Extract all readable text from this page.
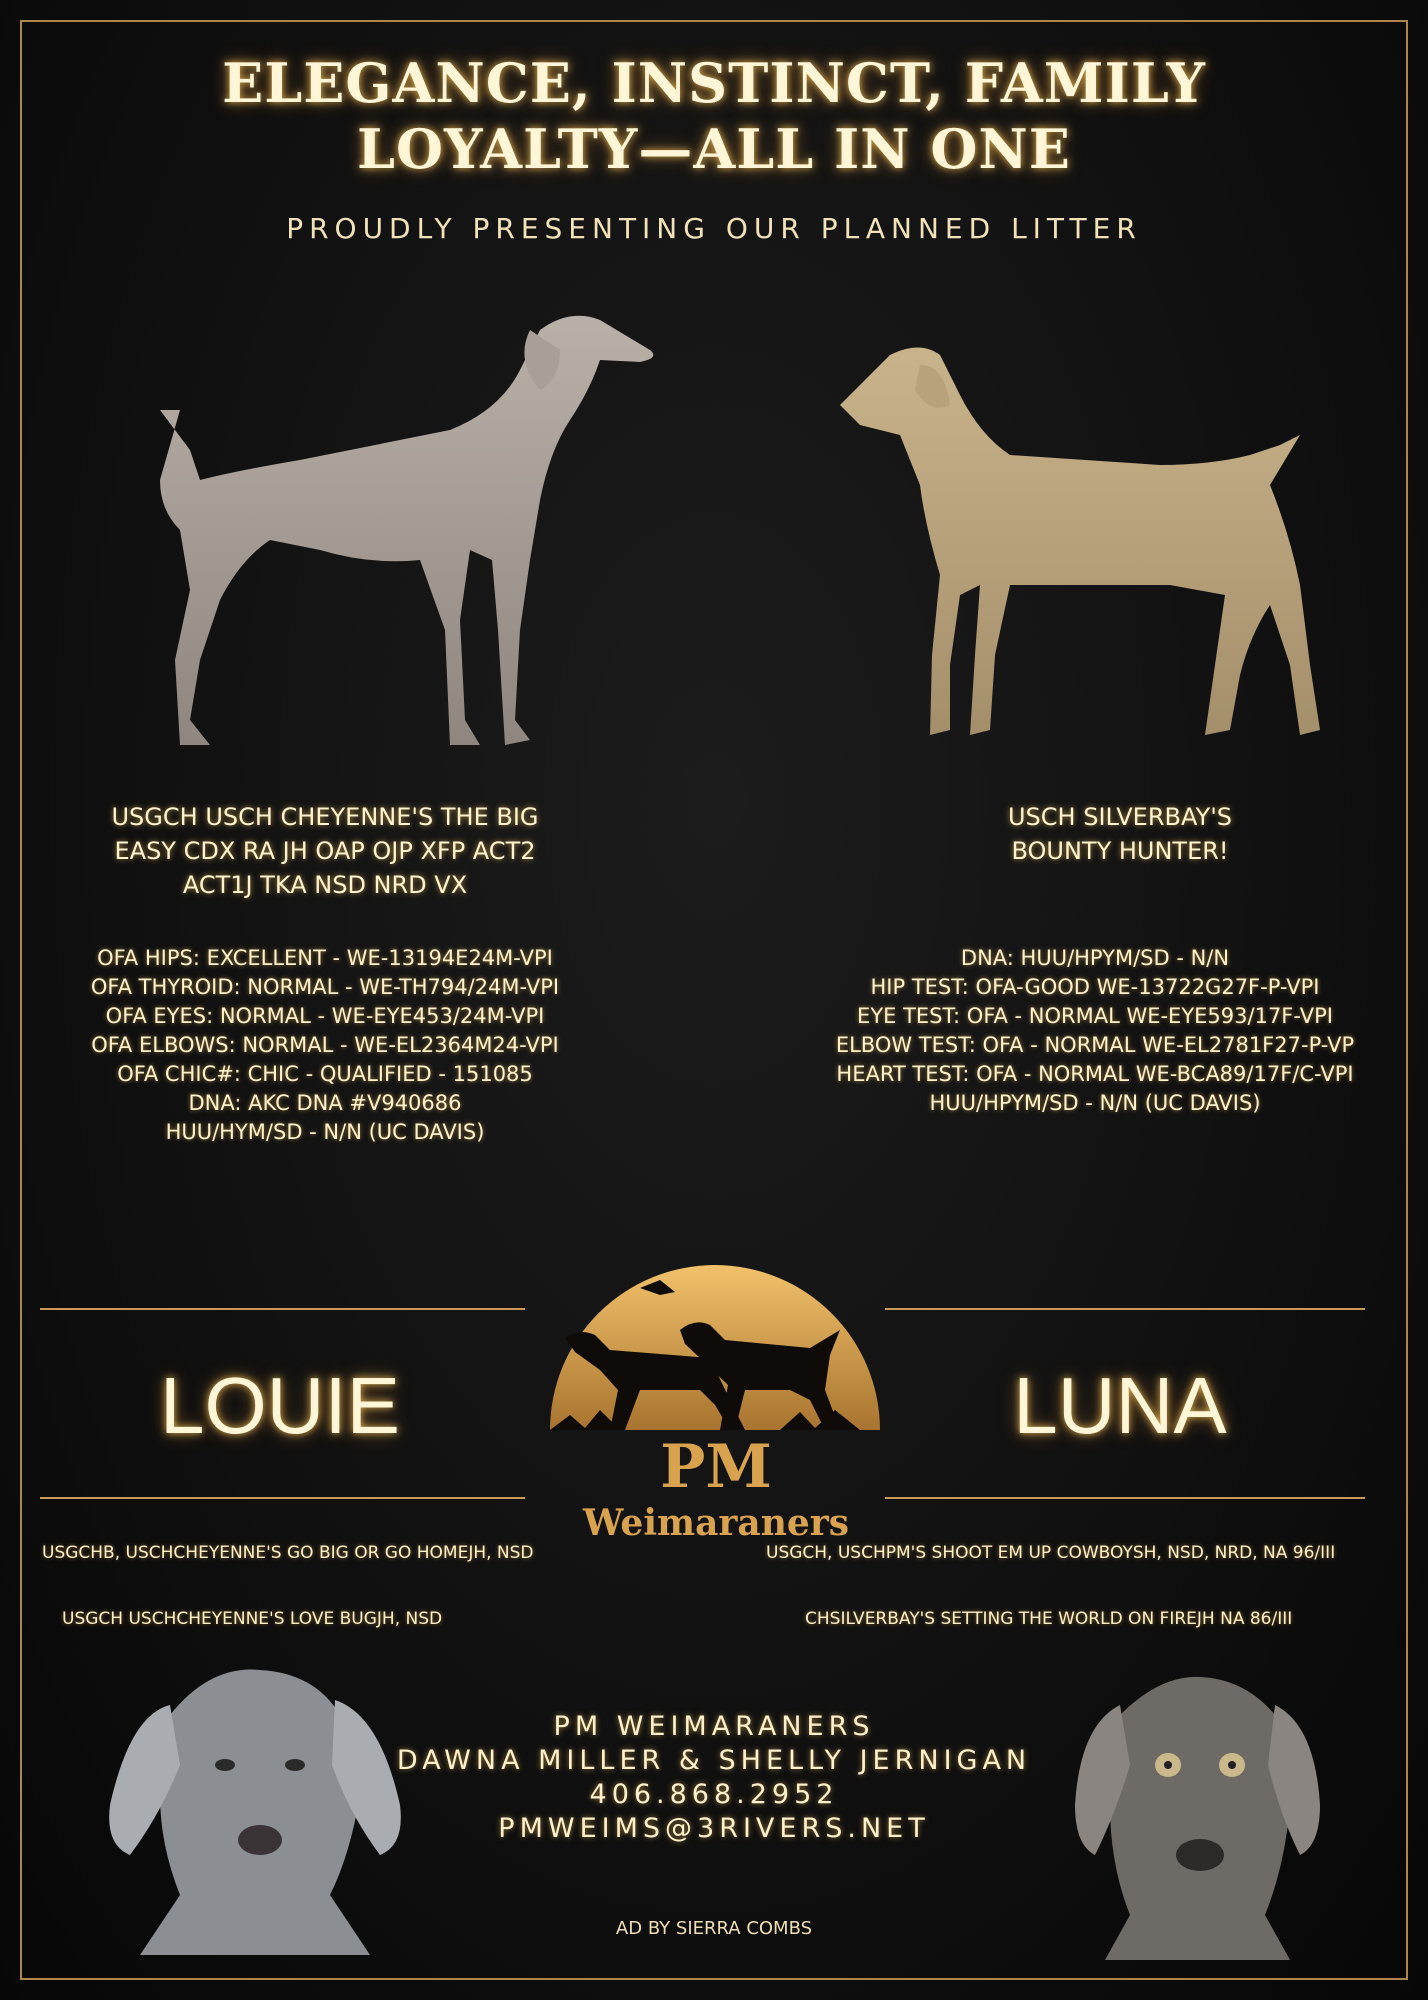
ELEGANCE, INSTINCT, FAMILY
LOYALTY—ALL IN ONE
PROUDLY PRESENTING OUR PLANNED LITTER
USGCH USCH CHEYENNE'S THE BIG
EASY CDX RA JH OAP OJP XFP ACT2
ACT1J TKA NSD NRD VX
OFA HIPS: EXCELLENT - WE-13194E24M-VPI
OFA THYROID: NORMAL - WE-TH794/24M-VPI
OFA EYES: NORMAL - WE-EYE453/24M-VPI
OFA ELBOWS: NORMAL - WE-EL2364M24-VPI
OFA CHIC#: CHIC - QUALIFIED - 151085
DNA: AKC DNA #V940686
HUU/HYM/SD - N/N (UC DAVIS)
USCH SILVERBAY'S
BOUNTY HUNTER!
DNA: HUU/HPYM/SD - N/N
HIP TEST: OFA-GOOD WE-13722G27F-P-VPI
EYE TEST: OFA - NORMAL WE-EYE593/17F-VPI
ELBOW TEST: OFA - NORMAL WE-EL2781F27-P-VP
HEART TEST: OFA - NORMAL WE-BCA89/17F/C-VPI
HUU/HPYM/SD - N/N (UC DAVIS)
LOUIE	LUNA
PM Weimaraners
USGCHB, USCHCHEYENNE'S GO BIG OR GO HOMEJH, NSD
USGCH USCHCHEYENNE'S LOVE BUGJH, NSD
USGCH, USCHPM'S SHOOT EM UP COWBOYSH, NSD, NRD, NA 96/III
CHSILVERBAY'S SETTING THE WORLD ON FIREJH NA 86/III
PM WEIMARANERS
DAWNA MILLER & SHELLY JERNIGAN
406.868.2952
PMWEIMS@3RIVERS.NET
AD BY SIERRA COMBS
